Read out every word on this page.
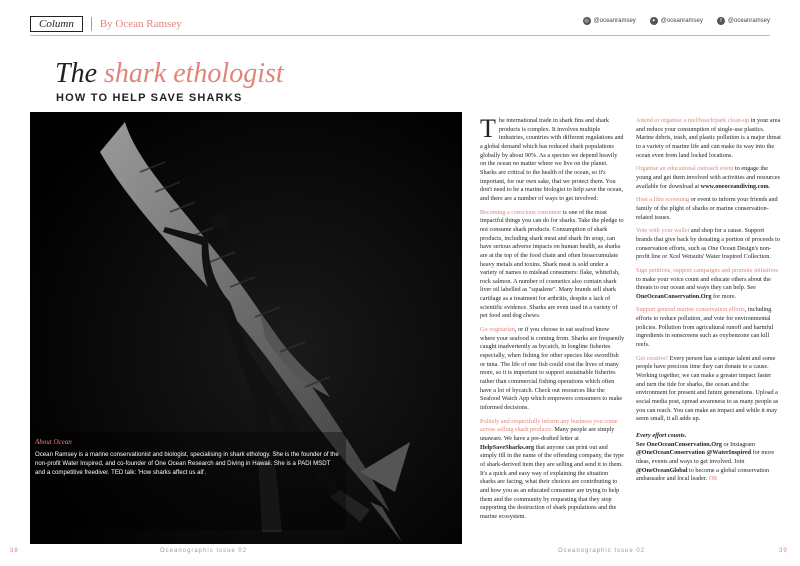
Column	By Ocean Ramsey	◎ @oceanramsey	✦ @oceanramsey	f	@oceanramsey
The shark ethologist
HOW TO HELP SAVE SHARKS
About Ocean
Ocean Ramsey is a marine conservationist and biologist, specialising in shark ethology. She is the founder of the non-profit Water Inspired, and co-founder of One Ocean Research and Diving in Hawaii. She is a PADI MSDT and a competitive freediver. TED talk: 'How sharks affect us all'.

The international trade in shark fins and shark products is complex. It involves multiple industries, countries with different regulations and a global demand which has reduced shark populations globally by about 90%. As a species we depend heavily on the ocean no matter where we live on the planet. Sharks are critical to the health of the ocean, so it's important, for our own sake, that we protect them. You don't need to be a marine biologist to help save the ocean, and there are a number of ways to get involved:

Becoming a conscious consumer is one of the most impactful things you can do for sharks. Take the pledge to not consume shark products. Consumption of shark products, including shark meat and shark fin soup, can have serious adverse impacts on human health, as sharks are at the top of the food chain and often bioaccumulate heavy metals and toxins. Shark meat is sold under a variety of names to mislead consumers: flake, whitefish, rock salmon. A number of cosmetics also contain shark liver oil labelled as "squalene". Many brands sell shark cartilage as a treatment for arthritis, despite a lack of scientific evidence. Sharks are even used in a variety of pet food and dog chews.

Go vegetarian, or if you choose to eat seafood know where your seafood is coming from. Sharks are frequently caught inadvertently as bycatch, in longline fisheries especially, when fishing for other species like swordfish or tuna. The life of one fish could cost the lives of many more, so it is important to support sustainable fisheries rather than commercial fishing operations which often have a lot of bycatch. Check out resources like the Seafood Watch App which empowers consumers to make informed decisions.

Politely and respectfully inform any business you come across selling shark products. Many people are simply unaware. We have a pre-drafted letter at HelpSaveSharks.org that anyone can print out and simply fill in the name of the offending company, the type of shark-derived item they are selling and send it to them. It's a quick and easy way of explaining the situation sharks are facing, what their choices are contributing to and how you as an educated consumer are trying to help them and the community by requesting that they stop supporting the destruction of shark populations and the marine ecosystem.

Attend or organise a reef/beach/park clean-up in your area and reduce your consumption of single-use plastics. Marine debris, trash, and plastic pollution is a major threat to a variety of marine life and can make its way into the ocean even from land locked locations.

Organise an educational outreach event to engage the young and get them involved with activities and resources available for download at www.oneoceandiving.com.

Host a film screening or event to inform your friends and family of the plight of sharks or marine conservation-related issues.

Vote with your wallet and shop for a cause. Support brands that give back by donating a portion of proceeds to conservation efforts, such as One Ocean Design's non-profit line or Xcel Wetsuits' Water Inspired Collection.

Sign petitions, support campaigns and promote initiatives to make your voice count and educate others about the threats to our ocean and ways they can help. See OneOceanConservation.Org for more.

Support general marine conservation efforts, including efforts to reduce pollution, and vote for environmental policies. Pollution from agricultural runoff and harmful ingredients in sunscreens such as oxybenzone can kill reefs.

Get creative! Every person has a unique talent and some people have precious time they can donate to a cause. Working together, we can make a greater impact faster and turn the tide for sharks, the ocean and the environment for present and future generations. Upload a social media post, spread awareness to as many people as you can reach. You can make an impact and while it may seem small, it all adds up.

Every effort counts.
See OneOceanConservation.Org or Instagram @OneOceanConservation @WaterInspired for more ideas, events and ways to get involved. Join @OneOceanGlobal to become a global conservation ambassador and local leader. OR

38	Oceanographic Issue 02	Oceanographic Issue 02	39
